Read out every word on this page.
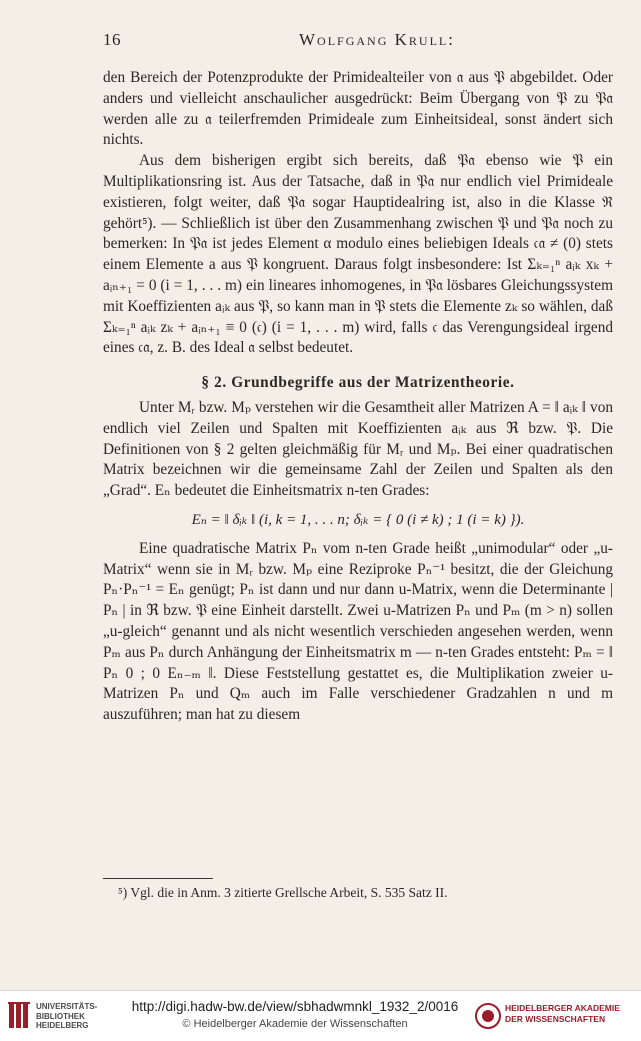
16	Wolfgang Krull:

den Bereich der Potenzprodukte der Primidealteiler von 𝔞 aus 𝔓 abgebildet. Oder anders und vielleicht anschaulicher ausgedrückt: Beim Übergang von 𝔓 zu 𝔓𝔞 werden alle zu 𝔞 teilerfremden Primideale zum Einheitsideal, sonst ändert sich nichts.

Aus dem bisherigen ergibt sich bereits, daß 𝔓𝔞 ebenso wie 𝔓 ein Multiplikationsring ist. Aus der Tatsache, daß in 𝔓𝔞 nur endlich viel Primideale existieren, folgt weiter, daß 𝔓𝔞 sogar Hauptidealring ist, also in die Klasse ℜ gehört⁵). — Schließlich ist über den Zusammenhang zwischen 𝔓 und 𝔓𝔞 noch zu bemerken: In 𝔓𝔞 ist jedes Element α modulo eines beliebigen Ideals 𝔠𝔞 ≠ (0) stets einem Elemente a aus 𝔓 kongruent. Daraus folgt insbesondere: Ist Σₖ₌₁ⁿ aᵢₖ xₖ + aᵢₙ₊₁ = 0 (i = 1, . . . m) ein lineares inhomogenes, in 𝔓𝔞 lösbares Gleichungssystem mit Koeffizienten aᵢₖ aus 𝔓, so kann man in 𝔓 stets die Elemente zₖ so wählen, daß Σₖ₌₁ⁿ aᵢₖ zₖ + aᵢₙ₊₁ ≡ 0 (𝔠) (i = 1, . . . m) wird, falls 𝔠 das Verengungsideal irgend eines 𝔠𝔞, z. B. des Ideal 𝔞 selbst bedeutet.

§ 2. Grundbegriffe aus der Matrizentheorie.

Unter Mᵣ bzw. Mₚ verstehen wir die Gesamtheit aller Matrizen A = ‖ aᵢₖ ‖ von endlich viel Zeilen und Spalten mit Koeffizienten aᵢₖ aus ℜ bzw. 𝔓. Die Definitionen von § 2 gelten gleichmäßig für Mᵣ und Mₚ. Bei einer quadratischen Matrix bezeichnen wir die gemeinsame Zahl der Zeilen und Spalten als den „Grad“. Eₙ bedeutet die Einheitsmatrix n-ten Grades:

Eₙ = ‖ δᵢₖ ‖ (i, k = 1, . . . n; δᵢₖ = { 0 (i ≠ k) ; 1 (i = k) }).

Eine quadratische Matrix Pₙ vom n-ten Grade heißt „unimodular“ oder „u-Matrix“ wenn sie in Mᵣ bzw. Mₚ eine Reziproke Pₙ⁻¹ besitzt, die der Gleichung Pₙ·Pₙ⁻¹ = Eₙ genügt; Pₙ ist dann und nur dann u-Matrix, wenn die Determinante | Pₙ | in ℜ bzw. 𝔓 eine Einheit darstellt. Zwei u-Matrizen Pₙ und Pₘ (m > n) sollen „u-gleich“ genannt und als nicht wesentlich verschieden angesehen werden, wenn Pₘ aus Pₙ durch Anhängung der Einheitsmatrix m — n-ten Grades entsteht: Pₘ = ‖ Pₙ 0 ; 0 Eₙ₋ₘ ‖. Diese Feststellung gestattet es, die Multiplikation zweier u-Matrizen Pₙ und Qₘ auch im Falle verschiedener Gradzahlen n und m auszuführen; man hat zu diesem

⁵) Vgl. die in Anm. 3 zitierte Grellsche Arbeit, S. 535 Satz II.
UNIVERSITÄTS-
BIBLIOTHEK
HEIDELBERG
http://digi.hadw-bw.de/view/sbhadwmnkl_1932_2/0016
© Heidelberger Akademie der Wissenschaften
HEIDELBERGER AKADEMIE
DER WISSENSCHAFTEN
